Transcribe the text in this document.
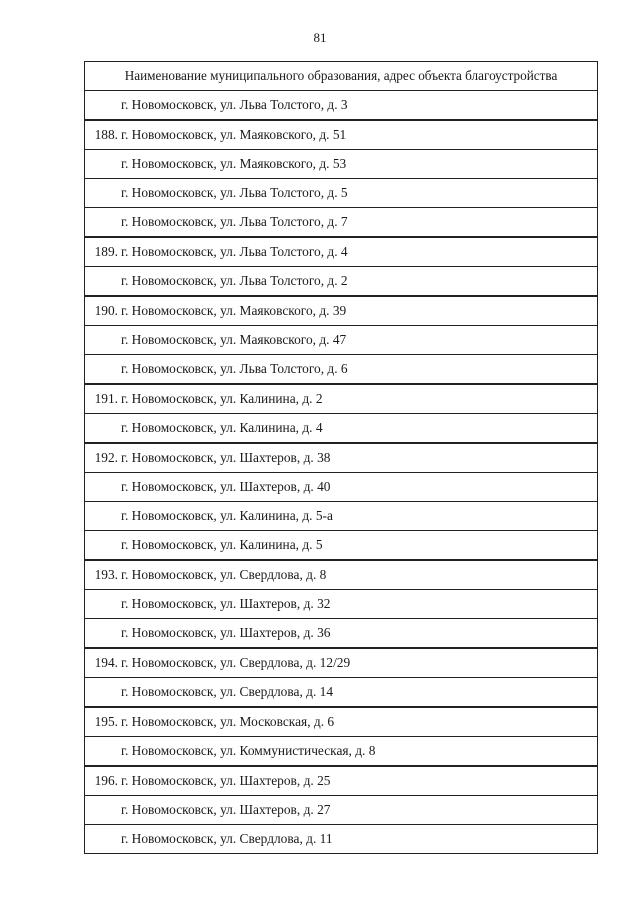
81
Наименование муниципального образования, адрес объекта благоустройства
г. Новомосковск, ул. Льва Толстого, д. 3
188. г. Новомосковск, ул. Маяковского, д. 51
г. Новомосковск, ул. Маяковского, д. 53
г. Новомосковск, ул. Льва Толстого, д. 5
г. Новомосковск, ул. Льва Толстого, д. 7
189. г. Новомосковск, ул. Льва Толстого, д. 4
г. Новомосковск, ул. Льва Толстого, д. 2
190. г. Новомосковск, ул. Маяковского, д. 39
г. Новомосковск, ул. Маяковского, д. 47
г. Новомосковск, ул. Льва Толстого, д. 6
191. г. Новомосковск, ул. Калинина, д. 2
г. Новомосковск, ул. Калинина, д. 4
192. г. Новомосковск, ул. Шахтеров, д. 38
г. Новомосковск, ул. Шахтеров, д. 40
г. Новомосковск, ул. Калинина, д. 5-а
г. Новомосковск, ул. Калинина, д. 5
193. г. Новомосковск, ул. Свердлова, д. 8
г. Новомосковск, ул. Шахтеров, д. 32
г. Новомосковск, ул. Шахтеров, д. 36
194. г. Новомосковск, ул. Свердлова, д. 12/29
г. Новомосковск, ул. Свердлова, д. 14
195. г. Новомосковск, ул. Московская, д. 6
г. Новомосковск, ул. Коммунистическая, д. 8
196. г. Новомосковск, ул. Шахтеров, д. 25
г. Новомосковск, ул. Шахтеров, д. 27
г. Новомосковск, ул. Свердлова, д. 11
